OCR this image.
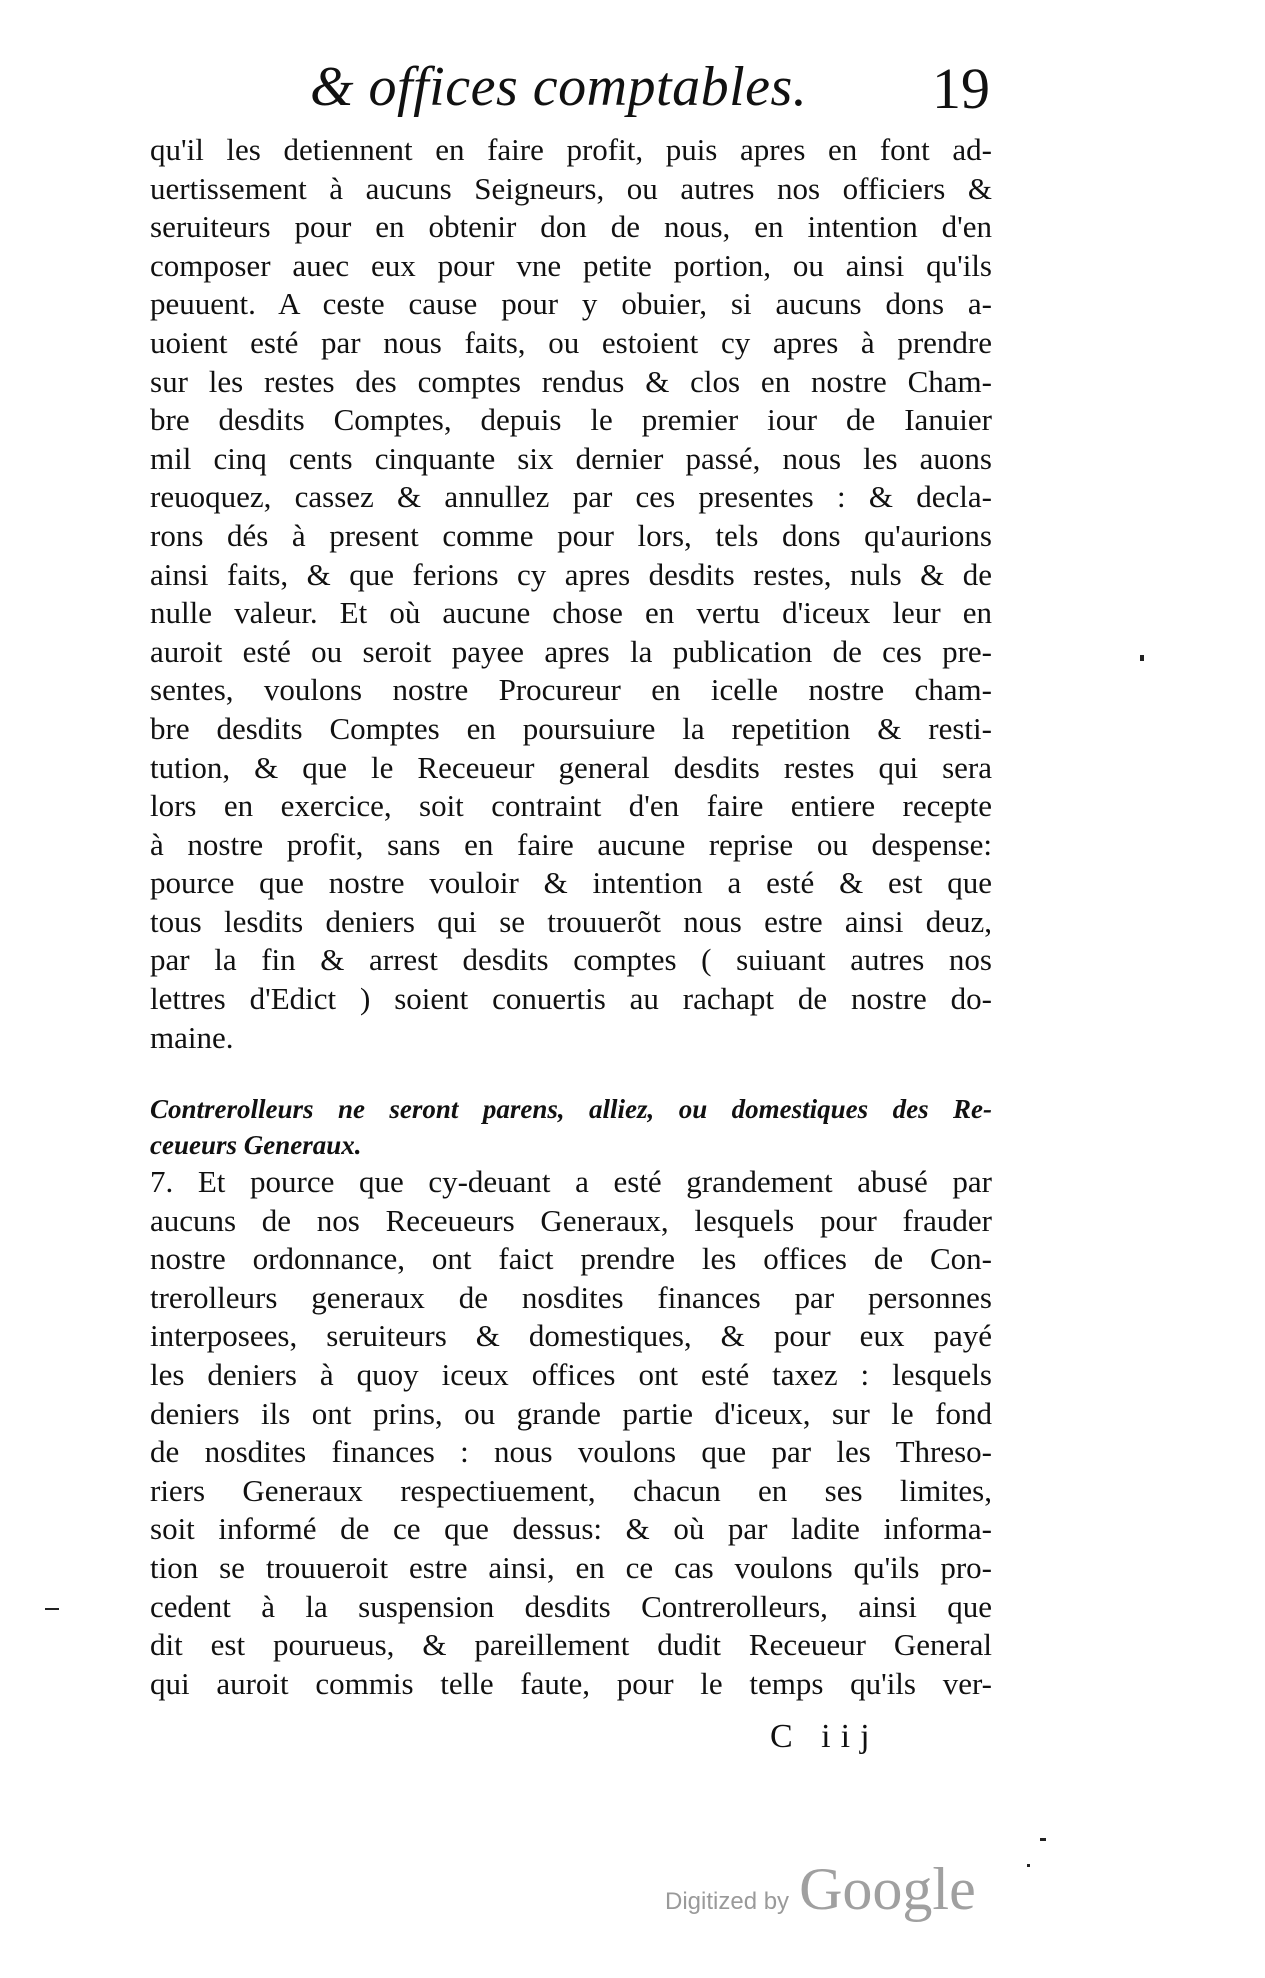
& offices comptables. 19
qu'il les detiennent en faire profit, puis apres en font ad-
uertissement à aucuns Seigneurs, ou autres nos officiers &
seruiteurs pour en obtenir don de nous, en intention d'en
composer auec eux pour vne petite portion, ou ainsi qu'ils
peuuent. A ceste cause pour y obuier, si aucuns dons a-
uoient esté par nous faits, ou estoient cy apres à prendre
sur les restes des comptes rendus & clos en nostre Cham-
bre desdits Comptes, depuis le premier iour de Ianuier
mil cinq cents cinquante six dernier passé, nous les auons
reuoquez, cassez & annullez par ces presentes : & decla-
rons dés à present comme pour lors, tels dons qu'aurions
ainsi faits, & que ferions cy apres desdits restes, nuls & de
nulle valeur. Et où aucune chose en vertu d'iceux leur en
auroit esté ou seroit payee apres la publication de ces pre-
sentes, voulons nostre Procureur en icelle nostre cham-
bre desdits Comptes en poursuiure la repetition & resti-
tution, & que le Receueur general desdits restes qui sera
lors en exercice, soit contraint d'en faire entiere recepte
à nostre profit, sans en faire aucune reprise ou despense:
pource que nostre vouloir & intention a esté & est que
tous lesdits deniers qui se trouuerõt nous estre ainsi deuz,
par la fin & arrest desdits comptes ( suiuant autres nos
lettres d'Edict ) soient conuertis au rachapt de nostre do-
maine.
Contrerolleurs ne seront parens, alliez, ou domestiques des Re-
ceueurs Generaux.
7. Et pource que cy-deuant a esté grandement abusé par
aucuns de nos Receueurs Generaux, lesquels pour frauder
nostre ordonnance, ont faict prendre les offices de Con-
trerolleurs generaux de nosdites finances par personnes
interposees, seruiteurs & domestiques, & pour eux payé
les deniers à quoy iceux offices ont esté taxez : lesquels
deniers ils ont prins, ou grande partie d'iceux, sur le fond
de nosdites finances : nous voulons que par les Threso-
riers Generaux respectiuement, chacun en ses limites,
soit informé de ce que dessus: & où par ladite informa-
tion se trouueroit estre ainsi, en ce cas voulons qu'ils pro-
cedent à la suspension desdits Contrerolleurs, ainsi que
dit est pourueus, & pareillement dudit Receueur General
qui auroit commis telle faute, pour le temps qu'ils ver-
C iij
Digitized by Google
